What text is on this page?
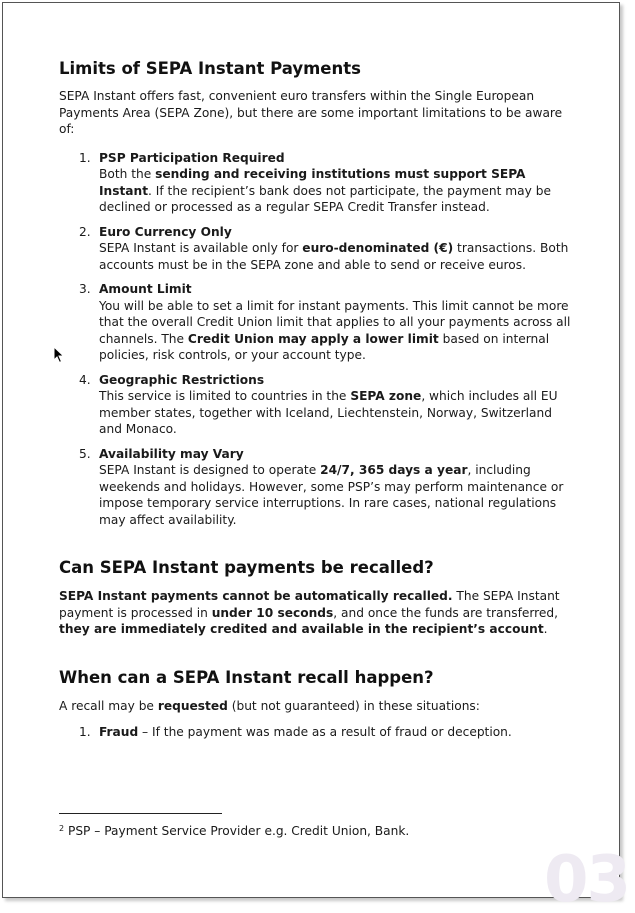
Limits of SEPA Instant Payments

SEPA Instant offers fast, convenient euro transfers within the Single European Payments Area (SEPA Zone), but there are some important limitations to be aware of:

1. PSP Participation Required
Both the sending and receiving institutions must support SEPA Instant. If the recipient’s bank does not participate, the payment may be declined or processed as a regular SEPA Credit Transfer instead.
2. Euro Currency Only
SEPA Instant is available only for euro-denominated (€) transactions. Both accounts must be in the SEPA zone and able to send or receive euros.
3. Amount Limit
You will be able to set a limit for instant payments. This limit cannot be more that the overall Credit Union limit that applies to all your payments across all channels. The Credit Union may apply a lower limit based on internal policies, risk controls, or your account type.
4. Geographic Restrictions
This service is limited to countries in the SEPA zone, which includes all EU member states, together with Iceland, Liechtenstein, Norway, Switzerland and Monaco.
5. Availability may Vary
SEPA Instant is designed to operate 24/7, 365 days a year, including weekends and holidays. However, some PSP’s may perform maintenance or impose temporary service interruptions. In rare cases, national regulations may affect availability.
Can SEPA Instant payments be recalled?

SEPA Instant payments cannot be automatically recalled. The SEPA Instant payment is processed in under 10 seconds, and once the funds are transferred, they are immediately credited and available in the recipient’s account.

When can a SEPA Instant recall happen?

A recall may be requested (but not guaranteed) in these situations:

1. Fraud – If the payment was made as a result of fraud or deception.
$^2$ PSP – Payment Service Provider e.g. Credit Union, Bank.
03
